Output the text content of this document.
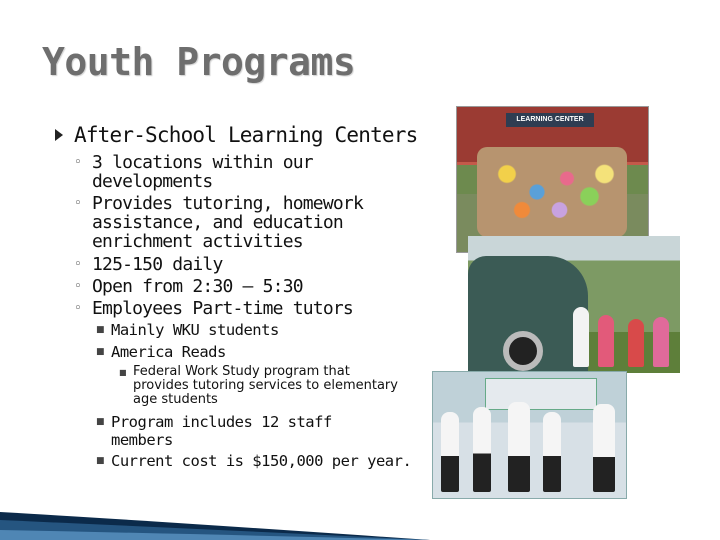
Youth Programs
After-School Learning Centers
◦ 3 locations within our developments
◦ Provides tutoring, homework assistance, and education enrichment activities
◦ 125-150 daily
◦ Open from 2:30 – 5:30
◦ Employees Part-time tutors
■ Mainly WKU students
■ America Reads
■ Federal Work Study program that provides tutoring services to elementary age students
■ Program includes 12 staff members
■ Current cost is $150,000 per year.
LEARNING CENTER
